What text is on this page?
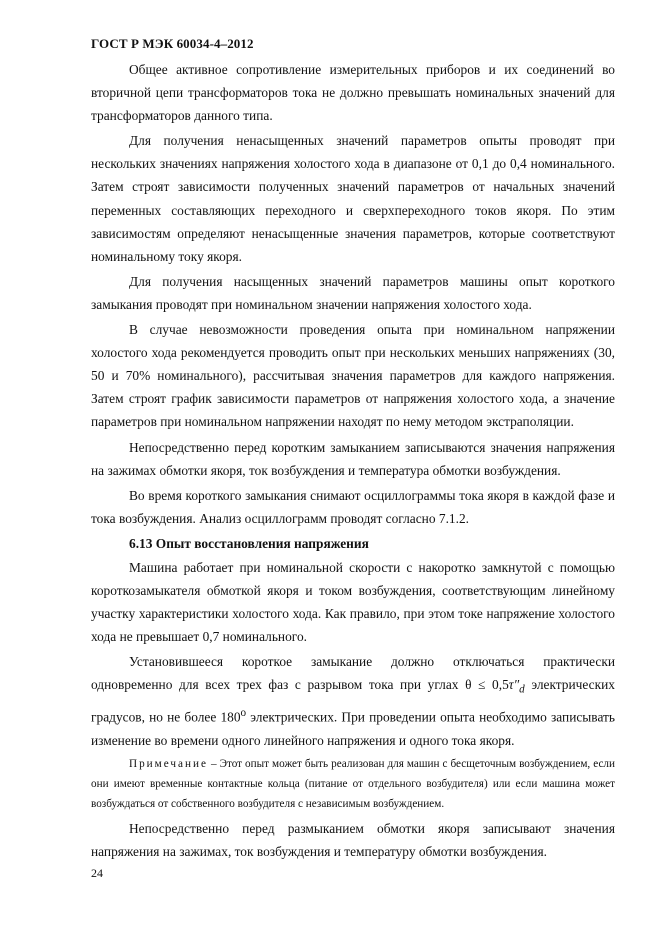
ГОСТ Р МЭК 60034-4–2012

Общее активное сопротивление измерительных приборов и их соединений во вторичной цепи трансформаторов тока не должно превышать номинальных значений для трансформаторов данного типа.

Для получения ненасыщенных значений параметров опыты проводят при нескольких значениях напряжения холостого хода в диапазоне от 0,1 до 0,4 номинального. Затем строят зависимости полученных значений параметров от начальных значений переменных составляющих переходного и сверхпереходного токов якоря. По этим зависимостям определяют ненасыщенные значения параметров, которые соответствуют номинальному току якоря.

Для получения насыщенных значений параметров машины опыт короткого замыкания проводят при номинальном значении напряжения холостого хода.

В случае невозможности проведения опыта при номинальном напряжении холостого хода рекомендуется проводить опыт при нескольких меньших напряжениях (30, 50 и 70% номинального), рассчитывая значения параметров для каждого напряжения. Затем строят график зависимости параметров от напряжения холостого хода, а значение параметров при номинальном напряжении находят по нему методом экстраполяции.

Непосредственно перед коротким замыканием записываются значения напряжения на зажимах обмотки якоря, ток возбуждения и температура обмотки возбуждения.

Во время короткого замыкания снимают осциллограммы тока якоря в каждой фазе и тока возбуждения. Анализ осциллограмм проводят согласно 7.1.2.

6.13 Опыт восстановления напряжения

Машина работает при номинальной скорости с накоротко замкнутой с помощью короткозамыкателя обмоткой якоря и током возбуждения, соответствующим линейному участку характеристики холостого хода. Как правило, при этом токе напряжение холостого хода не превышает 0,7 номинального.

Установившееся короткое замыкание должно отключаться практически одновременно для всех трех фаз с разрывом тока при углах $\theta \le 0,5\tau''_d$ электрических градусов, но не более $180^о$ электрических. При проведении опыта необходимо записывать изменение во времени одного линейного напряжения и одного тока якоря.

Примечание – Этот опыт может быть реализован для машин с бесщеточным возбуждением, если они имеют временные контактные кольца (питание от отдельного возбудителя) или если машина может возбуждаться от собственного возбудителя с независимым возбуждением.

Непосредственно перед размыканием обмотки якоря записывают значения напряжения на зажимах, ток возбуждения и температуру обмотки возбуждения.

24
